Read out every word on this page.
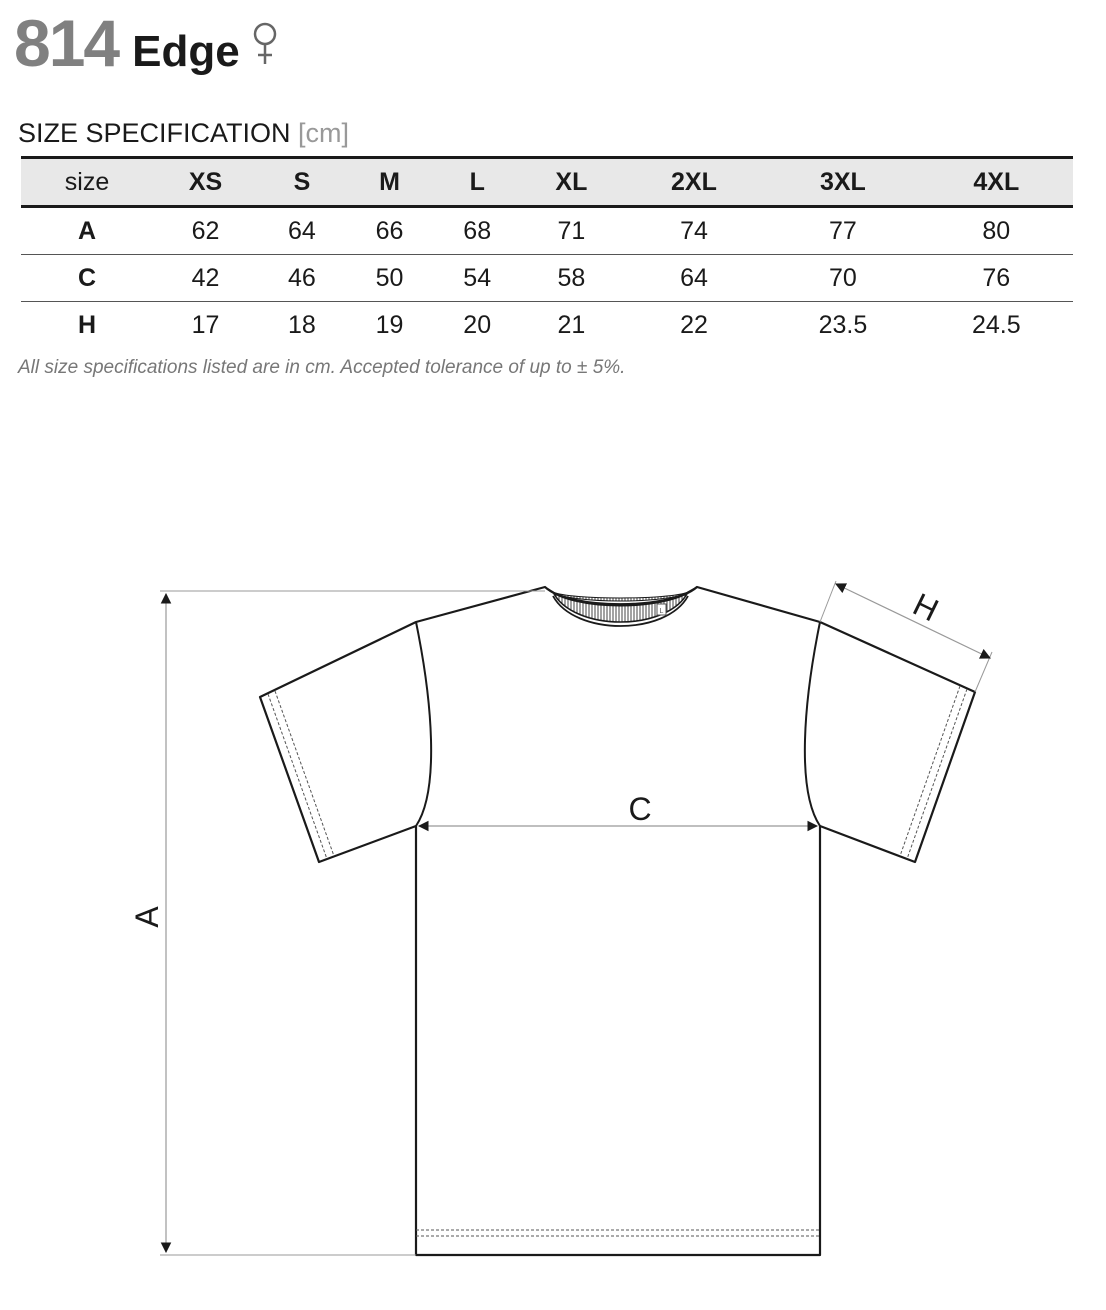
814 Edge
SIZE SPECIFICATION [cm]
size	XS	S	M	L	XL	2XL	3XL	4XL
A	62	64	66	68	71	74	77	80
C	42	46	50	54	58	64	70	76
H	17	18	19	20	21	22	23.5	24.5
All size specifications listed are in cm. Accepted tolerance of up to ± 5%.
L
A
C
H
